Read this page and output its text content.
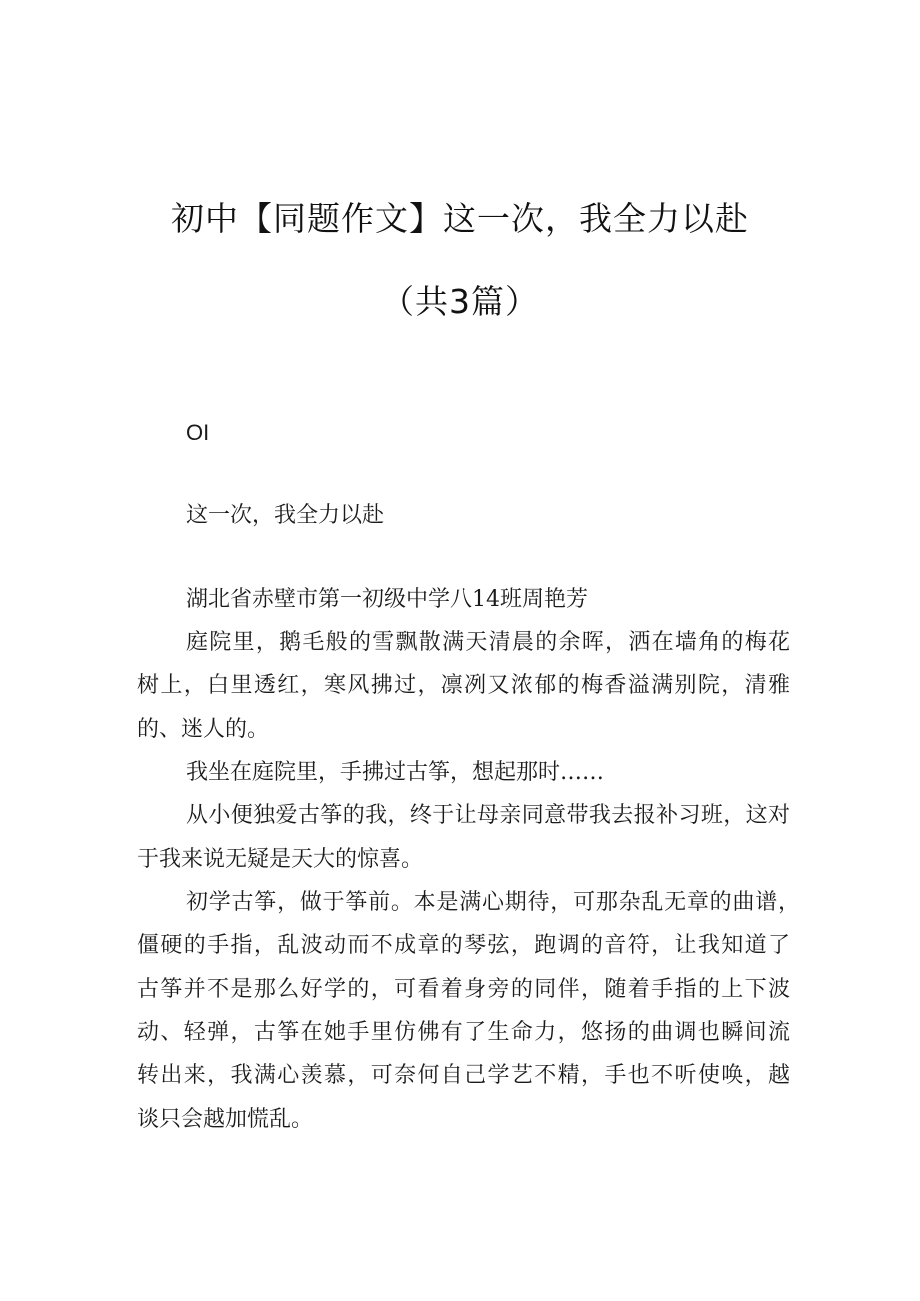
初中【同题作文】这一次，我全力以赴
（共3篇）
OI
这一次，我全力以赴
湖北省赤壁市第一初级中学八14班周艳芳
庭院里，鹅毛般的雪飘散满天清晨的余晖，洒在墙角的梅花
树上，白里透红，寒风拂过，凛冽又浓郁的梅香溢满别院，清雅
的、迷人的。
我坐在庭院里，手拂过古筝，想起那时……
从小便独爱古筝的我，终于让母亲同意带我去报补习班，这对
于我来说无疑是天大的惊喜。
初学古筝，做于筝前。本是满心期待，可那杂乱无章的曲谱，
僵硬的手指，乱波动而不成章的琴弦，跑调的音符，让我知道了
古筝并不是那么好学的，可看着身旁的同伴，随着手指的上下波
动、轻弹，古筝在她手里仿佛有了生命力，悠扬的曲调也瞬间流
转出来，我满心羡慕，可奈何自己学艺不精，手也不听使唤，越
谈只会越加慌乱。
